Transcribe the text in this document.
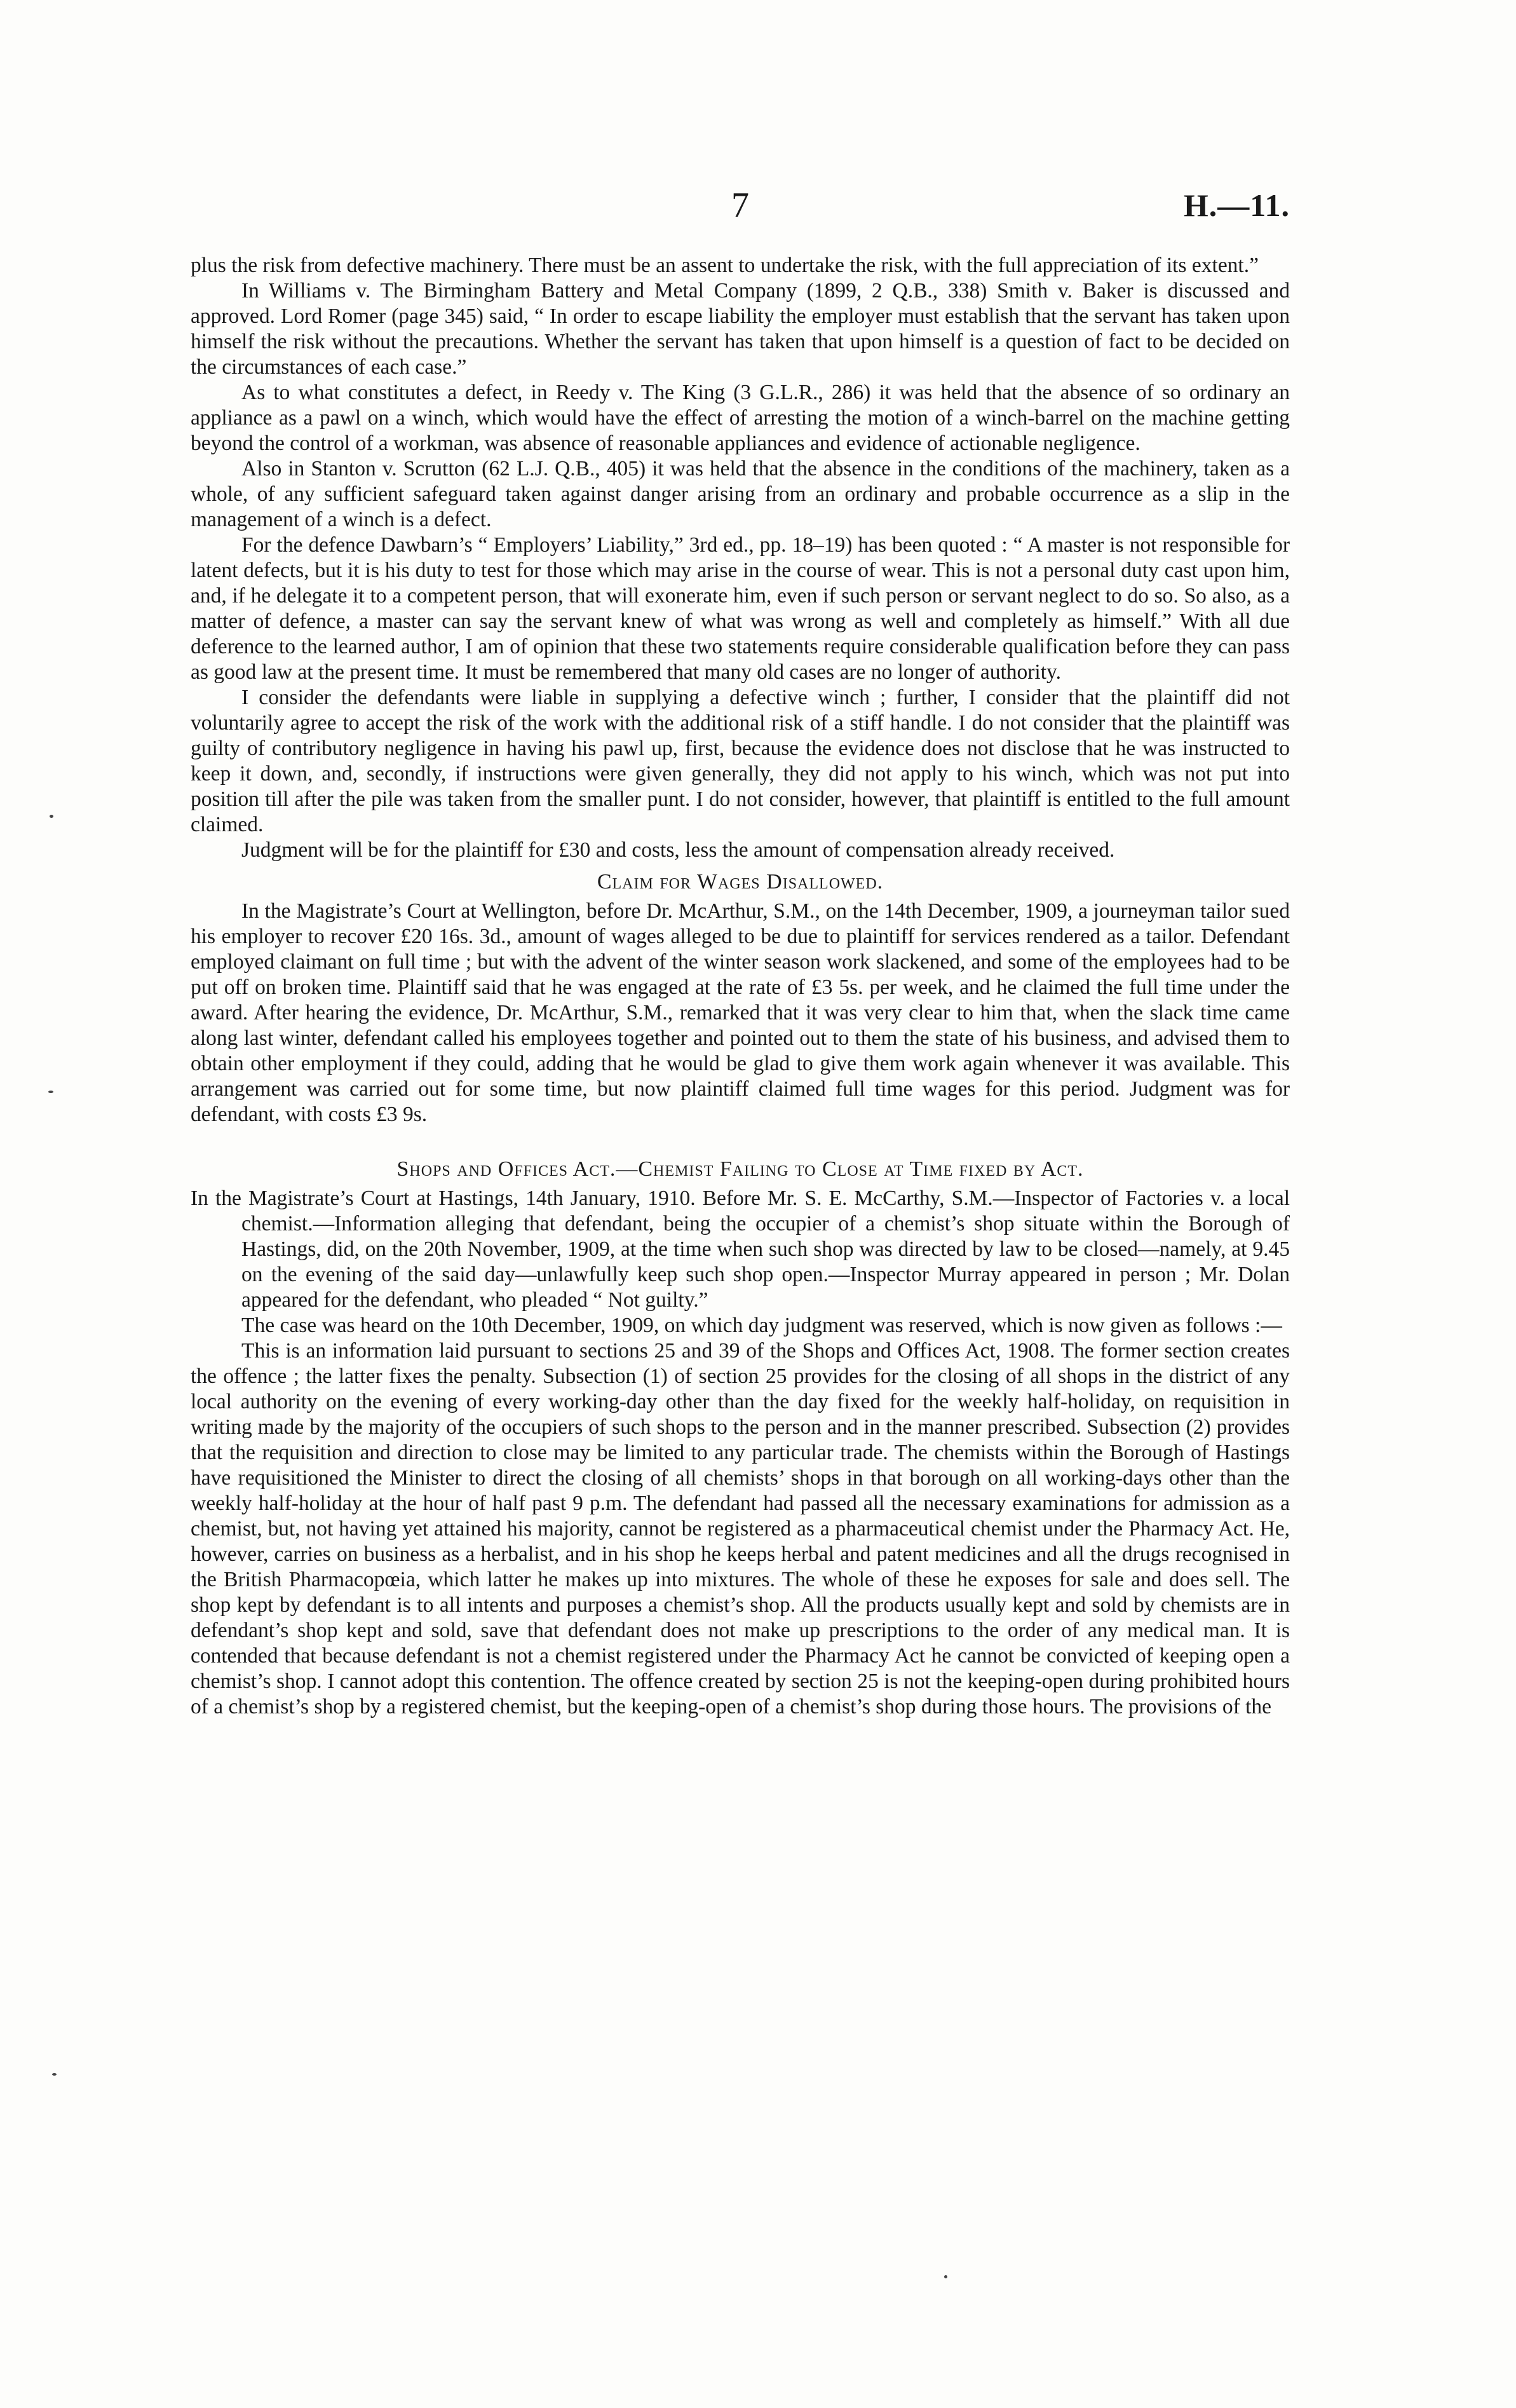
7	H.—11.

plus the risk from defective machinery. There must be an assent to undertake the risk, with the full appreciation of its extent.”

In Williams v. The Birmingham Battery and Metal Company (1899, 2 Q.B., 338) Smith v. Baker is discussed and approved. Lord Romer (page 345) said, “ In order to escape liability the employer must establish that the servant has taken upon himself the risk without the precautions. Whether the servant has taken that upon himself is a question of fact to be decided on the circumstances of each case.”

As to what constitutes a defect, in Reedy v. The King (3 G.L.R., 286) it was held that the absence of so ordinary an appliance as a pawl on a winch, which would have the effect of arresting the motion of a winch-barrel on the machine getting beyond the control of a workman, was absence of reasonable appliances and evidence of actionable negligence.

Also in Stanton v. Scrutton (62 L.J. Q.B., 405) it was held that the absence in the conditions of the machinery, taken as a whole, of any sufficient safeguard taken against danger arising from an ordinary and probable occurrence as a slip in the management of a winch is a defect.

For the defence Dawbarn’s “ Employers’ Liability,” 3rd ed., pp. 18–19) has been quoted : “ A master is not responsible for latent defects, but it is his duty to test for those which may arise in the course of wear. This is not a personal duty cast upon him, and, if he delegate it to a competent person, that will exonerate him, even if such person or servant neglect to do so. So also, as a matter of defence, a master can say the servant knew of what was wrong as well and completely as himself.” With all due deference to the learned author, I am of opinion that these two statements require considerable qualification before they can pass as good law at the present time. It must be remembered that many old cases are no longer of authority.

I consider the defendants were liable in supplying a defective winch ; further, I consider that the plaintiff did not voluntarily agree to accept the risk of the work with the additional risk of a stiff handle. I do not consider that the plaintiff was guilty of contributory negligence in having his pawl up, first, because the evidence does not disclose that he was instructed to keep it down, and, secondly, if instructions were given generally, they did not apply to his winch, which was not put into position till after the pile was taken from the smaller punt. I do not consider, however, that plaintiff is entitled to the full amount claimed.

Judgment will be for the plaintiff for £30 and costs, less the amount of compensation already received.

Claim for Wages Disallowed.

In the Magistrate’s Court at Wellington, before Dr. McArthur, S.M., on the 14th December, 1909, a journeyman tailor sued his employer to recover £20 16s. 3d., amount of wages alleged to be due to plaintiff for services rendered as a tailor. Defendant employed claimant on full time ; but with the advent of the winter season work slackened, and some of the employees had to be put off on broken time. Plaintiff said that he was engaged at the rate of £3 5s. per week, and he claimed the full time under the award. After hearing the evidence, Dr. McArthur, S.M., remarked that it was very clear to him that, when the slack time came along last winter, defendant called his employees together and pointed out to them the state of his business, and advised them to obtain other employment if they could, adding that he would be glad to give them work again whenever it was available. This arrangement was carried out for some time, but now plaintiff claimed full time wages for this period. Judgment was for defendant, with costs £3 9s.

Shops and Offices Act.—Chemist Failing to Close at Time fixed by Act.

In the Magistrate’s Court at Hastings, 14th January, 1910. Before Mr. S. E. McCarthy, S.M.—Inspector of Factories v. a local chemist.—Information alleging that defendant, being the occupier of a chemist’s shop situate within the Borough of Hastings, did, on the 20th November, 1909, at the time when such shop was directed by law to be closed—namely, at 9.45 on the evening of the said day—unlawfully keep such shop open.—Inspector Murray appeared in person ; Mr. Dolan appeared for the defendant, who pleaded “ Not guilty.”

The case was heard on the 10th December, 1909, on which day judgment was reserved, which is now given as follows :—

This is an information laid pursuant to sections 25 and 39 of the Shops and Offices Act, 1908. The former section creates the offence ; the latter fixes the penalty. Subsection (1) of section 25 provides for the closing of all shops in the district of any local authority on the evening of every working-day other than the day fixed for the weekly half-holiday, on requisition in writing made by the majority of the occupiers of such shops to the person and in the manner prescribed. Subsection (2) provides that the requisition and direction to close may be limited to any particular trade. The chemists within the Borough of Hastings have requisitioned the Minister to direct the closing of all chemists’ shops in that borough on all working-days other than the weekly half-holiday at the hour of half past 9 p.m. The defendant had passed all the necessary examinations for admission as a chemist, but, not having yet attained his majority, cannot be registered as a pharmaceutical chemist under the Pharmacy Act. He, however, carries on business as a herbalist, and in his shop he keeps herbal and patent medicines and all the drugs recognised in the British Pharmacopœia, which latter he makes up into mixtures. The whole of these he exposes for sale and does sell. The shop kept by defendant is to all intents and purposes a chemist’s shop. All the products usually kept and sold by chemists are in defendant’s shop kept and sold, save that defendant does not make up prescriptions to the order of any medical man. It is contended that because defendant is not a chemist registered under the Pharmacy Act he cannot be convicted of keeping open a chemist’s shop. I cannot adopt this contention. The offence created by section 25 is not the keeping-open during prohibited hours of a chemist’s shop by a registered chemist, but the keeping-open of a chemist’s shop during those hours. The provisions of the
